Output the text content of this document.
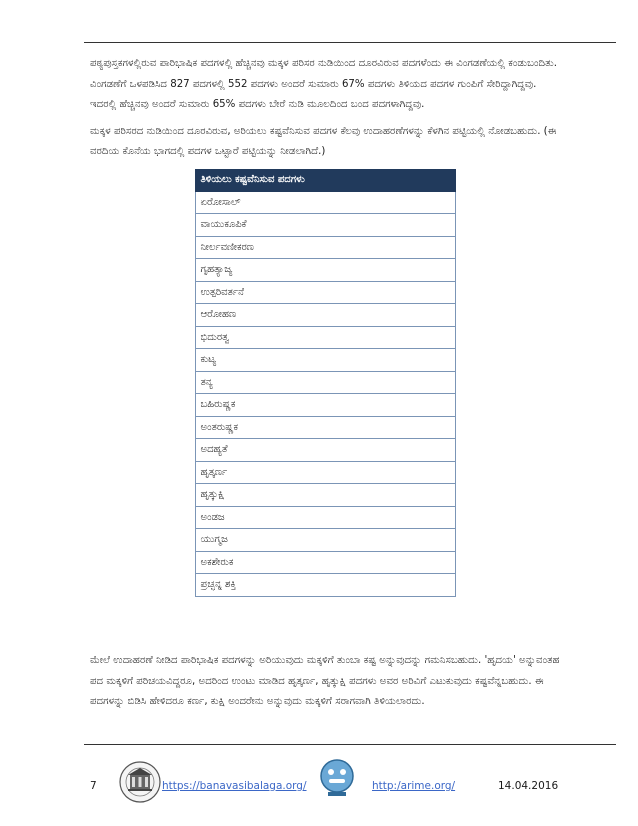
ಪಠ್ಯಪುಸ್ತಕಗಳಲ್ಲಿರುವ ಪಾರಿಭಾಷಿಕ ಪದಗಳಲ್ಲಿ ಹೆಚ್ಚಿನವು ಮಕ್ಕಳ ಪರಿಸರ ನುಡಿಯಿಂದ ದೂರವಿರುವ ಪದಗಳೆಂದು ಈ ವಿಂಗಡಣೆಯಲ್ಲಿ ಕಂಡುಬಂದಿತು. ವಿಂಗಡಣೆಗೆ ಒಳಪಡಿಸಿದ 827 ಪದಗಳಲ್ಲಿ 552 ಪದಗಳು ಅಂದರೆ ಸುಮಾರು 67% ಪದಗಳು ತಿಳಿಯದ ಪದಗಳ ಗುಂಪಿಗೆ ಸೇರಿದ್ದಾಗಿದ್ದವು. ಇದರಲ್ಲಿ ಹೆಚ್ಚಿನವು ಅಂದರೆ ಸುಮಾರು 65% ಪದಗಳು ಬೇರೆ ನುಡಿ ಮೂಲದಿಂದ ಬಂದ ಪದಗಳಾಗಿದ್ದವು.

ಮಕ್ಕಳ ಪರಿಸರದ ನುಡಿಯಿಂದ ದೂರವಿರುವ, ಅರಿಯಲು ಕಷ್ಟವೆನಿಸುವ ಪದಗಳ ಕೆಲವು ಉದಾಹರಣೆಗಳನ್ನು ಕೆಳಗಿನ ಪಟ್ಟಿಯಲ್ಲಿ ನೋಡಬಹುದು. (ಈ ವರದಿಯ ಕೊನೆಯ ಭಾಗದಲ್ಲಿ ಪದಗಳ ಒಟ್ಟಾರೆ ಪಟ್ಟಿಯನ್ನು ನೀಡಲಾಗಿದೆ.)

ತಿಳಿಯಲು ಕಷ್ಟವೆನಿಸುವ ಪದಗಳು
ಏರೋಸಾಲ್
ವಾಯುಕೂಪಿಕೆ
ನೀರ್ಲವಣೀಕರಣ
ಗೃಹತ್ಯಾಜ್ಯ
ಉತ್ಪರಿವರ್ತನೆ
ಆರೋಹಣ
ಭಿದುರತ್ವ
ಕುಟ್ಯ
ತನ್ಯ
ಬಹಿರುಷ್ಣಕ
ಅಂತರುಷ್ಣಕ
ಅದಹ್ಯತೆ
ಹೃತ್ಕರ್ಣ
ಹೃತ್ಕುಕ್ಷಿ
ಅಂಡಜ
ಯುಗ್ಮಜ
ಅಕಶೇರುಕ
ಪ್ರಚ್ಛನ್ನ ಶಕ್ತಿ

ಮೇಲೆ ಉದಾಹರಣೆ ನೀಡಿದ ಪಾರಿಭಾಷಿಕ ಪದಗಳನ್ನು ಅರಿಯುವುದು ಮಕ್ಕಳಿಗೆ ತುಂಬಾ ಕಷ್ಟ ಅನ್ನುವುದನ್ನು ಗಮನಿಸಬಹುದು. 'ಹೃದಯ' ಅನ್ನುವಂತಹ ಪದ ಮಕ್ಕಳಿಗೆ ಪರಿಚಯವಿದ್ದರೂ, ಅದರಿಂದ ಉಂಟು ಮಾಡಿದ ಹೃತ್ಕರ್ಣ, ಹೃತ್ಕುಕ್ಷಿ ಪದಗಳು ಅವರ ಅರಿವಿಗೆ ಎಟುಕುವುದು ಕಷ್ಟವೆನ್ನಬಹುದು. ಈ ಪದಗಳನ್ನು ಬಿಡಿಸಿ ಹೇಳಿದರೂ ಕರ್ಣ, ಕುಕ್ಷಿ ಅಂದರೇನು ಅನ್ನುವುದು ಮಕ್ಕಳಿಗೆ ಸರಾಗವಾಗಿ ತಿಳಿಯಲಾರದು.

7	https://banavasibalaga.org/	http:/arime.org/	14.04.2016
